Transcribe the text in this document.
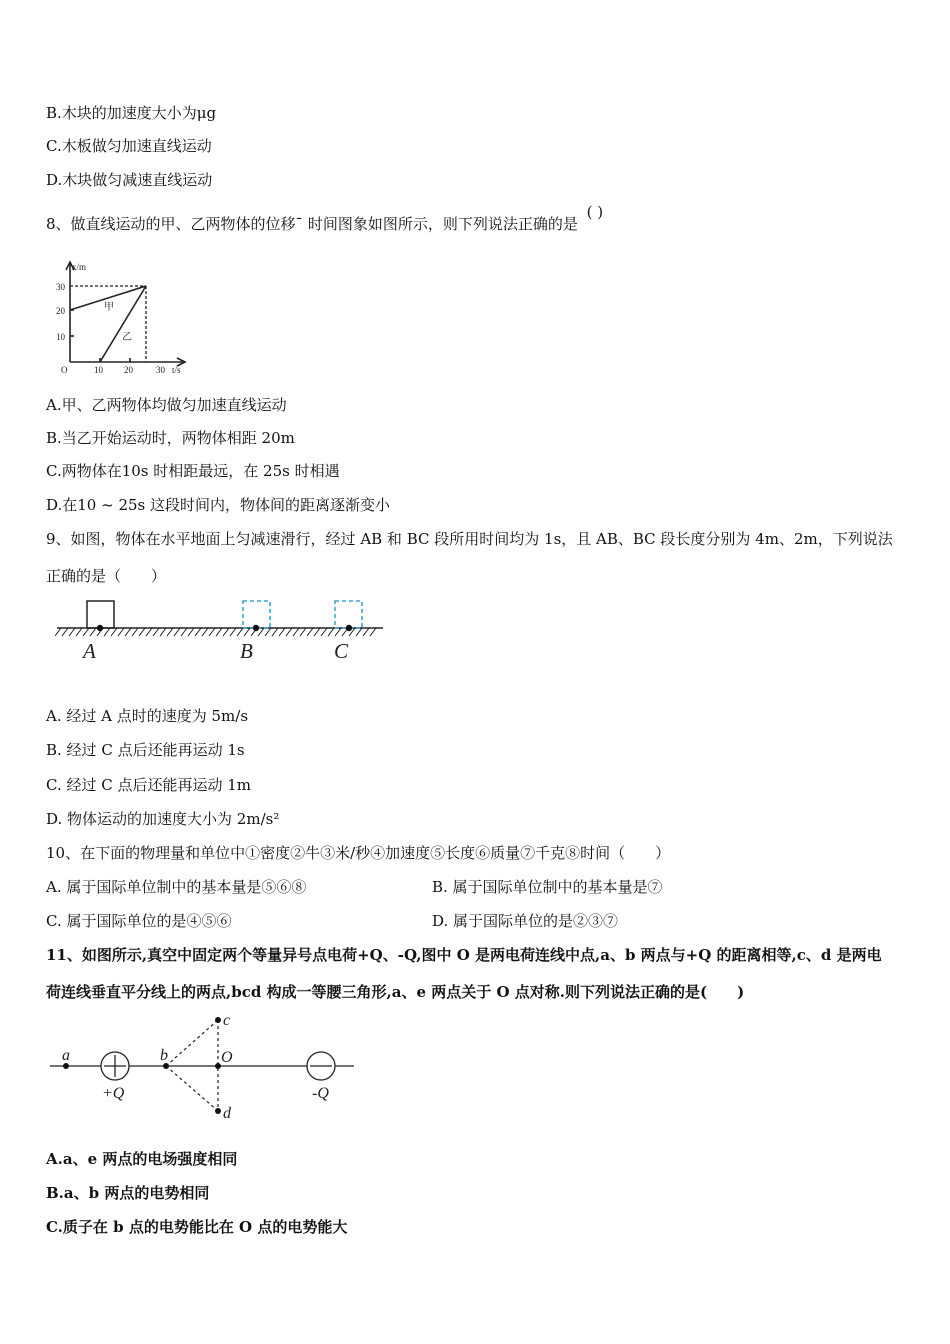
B.木块的加速度大小为μg
C.木板做匀加速直线运动
D.木块做匀减速直线运动
8、做直线运动的甲、乙两物体的位移ˉ 时间图象如图所示，则下列说法正确的是 ( )
x/m
30
20
10
O	10 20	30 t/s
甲
乙
A.甲、乙两物体均做匀加速直线运动
B.当乙开始运动时，两物体相距 20m
C.两物体在10s 时相距最远，在 25s 时相遇
D.在10 ~ 25s 这段时间内，物体间的距离逐渐变小
9、如图，物体在水平地面上匀减速滑行，经过 AB 和 BC 段所用时间均为 1s，且 AB、BC 段长度分别为 4m、2m，下列说法
正确的是（　　）
A	B	C
A. 经过 A 点时的速度为 5m/s
B. 经过 C 点后还能再运动 1s
C. 经过 C 点后还能再运动 1m
D. 物体运动的加速度大小为 2m/s²
10、在下面的物理量和单位中①密度②牛③米/秒④加速度⑤长度⑥质量⑦千克⑧时间（　　）
A. 属于国际单位制中的基本量是⑤⑥⑧	B. 属于国际单位制中的基本量是⑦
C. 属于国际单位的是④⑤⑥	D. 属于国际单位的是②③⑦
11、如图所示,真空中固定两个等量异号点电荷+Q、-Q,图中 O 是两电荷连线中点,a、b 两点与+Q 的距离相等,c、d 是两电
荷连线垂直平分线上的两点,bcd 构成一等腰三角形,a、e 两点关于 O 点对称.则下列说法正确的是(　　)
a	b	O
c
d
+Q	-Q
A.a、e 两点的电场强度相同
B.a、b 两点的电势相同
C.质子在 b 点的电势能比在 O 点的电势能大
